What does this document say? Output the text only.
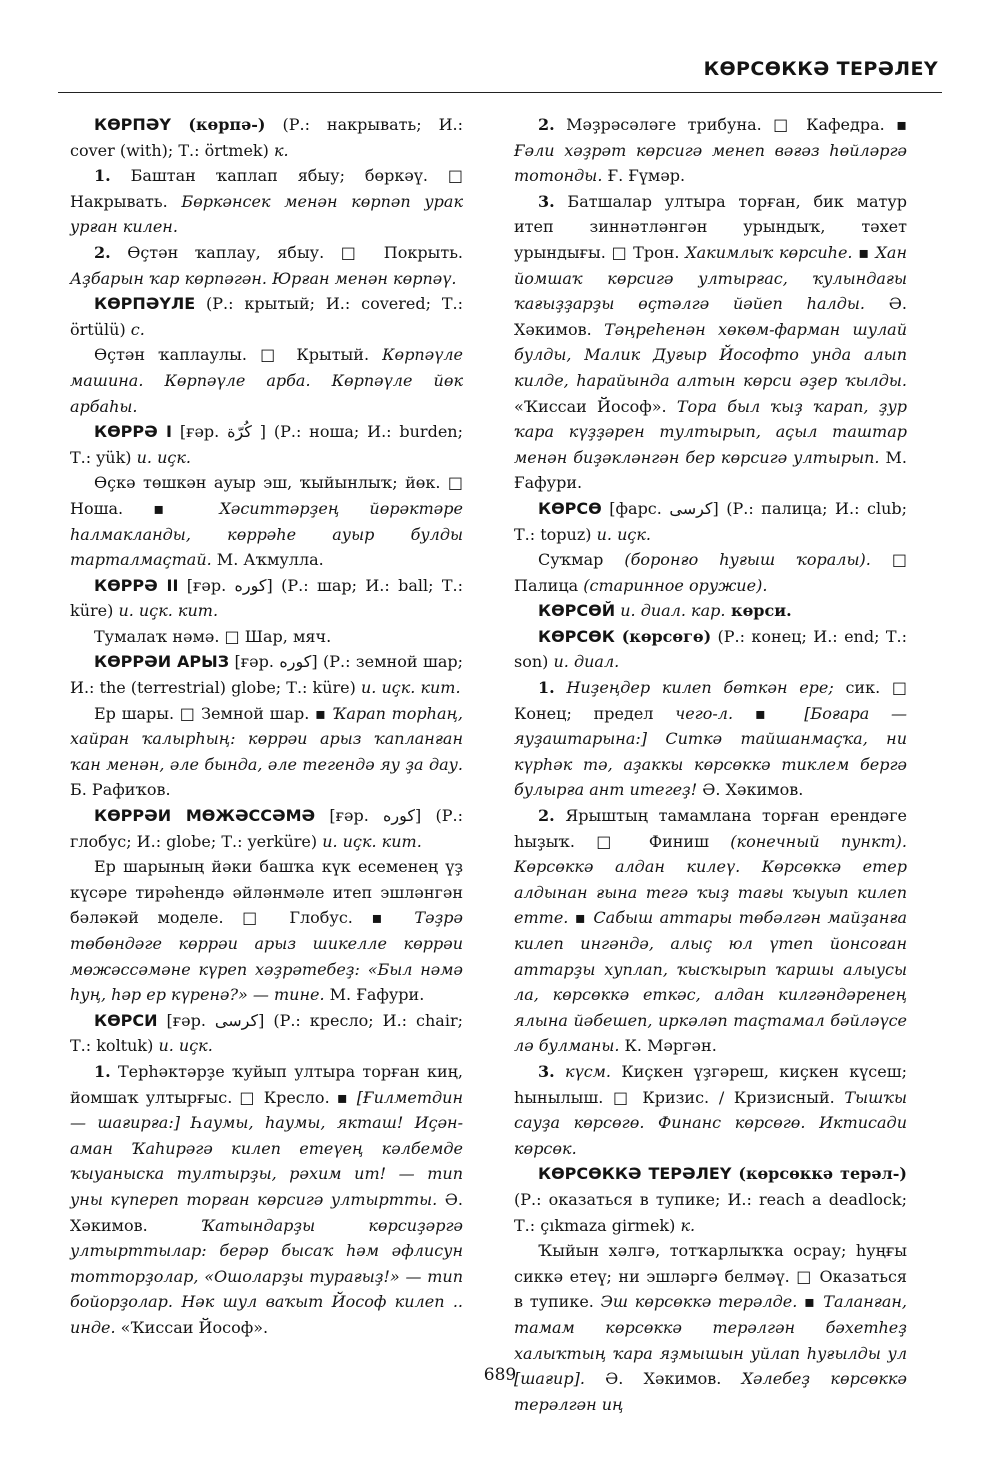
КӨРСӨККӘ ТЕРӘЛЕҮ

КӨРПӘҮ (көрпә-) (Р.: накрывать; И.: cover (with); Т.: örtmek) к.

1. Баштан ҡаплап ябыу; бөркәү. □ Накрывать. Бөркәнсек менән көрпәп урак урған килен.

2. Өҫтән ҡаплау, ябыу. □ Покрыть. Аҙбарын ҡар көрпәгән. Юрған менән көрпәү.

КӨРПӘҮЛЕ (Р.: крытый; И.: covered; Т.: örtülü) с.

Өҫтән ҡаплаулы. □ Крытый. Көрпәүле машина. Көрпәүле арба. Көрпәүле йөк арбаһы.

КӨРРӘ I [ғәр. كُرّة ] (Р.: ноша; И.: burden; Т.: yük) и. иҫк.

Өҫкә төшкән ауыр эш, ҡыйынлыҡ; йөк. □ Ноша. ▪ Хәситтәрҙең йөрәктәре һалмакланды, көррәһе ауыр булды тарталмаҫтай. М. Аҡмулла.

КӨРРӘ II [ғәр. كوره] (Р.: шар; И.: ball; Т.: küre) и. иҫк. кит.

Тумалаҡ нәмә. □ Шар, мяч.

КӨРРӘИ АРЫЗ [ғәр. كوره] (Р.: земной шар; И.: the (terrestrial) globe; Т.: küre) и. иҫк. кит.

Ер шары. □ Земной шар. ▪ Ҡарап торһаң, хайран ҡалырһың: көррәи арыз ҡапланған ҡан менән, әле бында, әле тегендә яу ҙа дау. Б. Рафиҡов.

КӨРРӘИ МӨЖӘССӘМӘ [ғәр. كوره] (Р.: глобус; И.: globe; Т.: yerküre) и. иҫк. кит.

Ер шарының йәки башҡа күк есеменең үҙ күсәре тирәһендә әйләнмәле итеп эшләнгән бәләкәй моделе. □ Глобус. ▪ Тәҙрә төбөндәге көррәи арыз шикелле көррәи мөжәссәмәне күреп хәҙрәтебеҙ: «Был нәмә һуң, һәр ер күренә?» — тине. М. Ғафури.

КӨРСИ [ғәр. كرسى] (Р.: кресло; И.: chair; Т.: koltuk) и. иҫк.

1. Терһәктәрҙе ҡуйып ултыра торған киң, йомшаҡ ултырғыс. □ Кресло. ▪ [Ғилметдин — шағирға:] Һаумы, һаумы, якташ! Иҫән-аман Ҡаһирәгә килеп етеүең кәлбемде ҡыуаныска тултырҙы, рәхим ит! — тип уны күпереп торған көрсигә ултыртты. Ә. Хәкимов. Ҡатындарҙы көрсиҙәргә ултырттылар: берәр бысаҡ һәм әфлисун тотторҙолар, «Ошоларҙы турағыҙ!» — тип бойорҙолар. Нәк шул ваҡыт Йософ килеп .. инде. «Ҡиссаи Йософ».

2. Мәҙрәсәләге трибуна. □ Кафедра. ▪ Ғәли хәҙрәт көрсигә менеп вәғәз һөйләргә тотонды. Ғ. Ғүмәр.

3. Батшалар ултыра торған, бик матур итеп зиннәтләнгән урындыҡ, тәхет урындығы. □ Трон. Хакимлыҡ көрсиһе. ▪ Хан йомшаҡ көрсигә ултырғас, ҡулындағы ҡағыҙҙарҙы өҫтәлгә йәйеп һалды. Ә. Хәкимов. Тәңреһенән хөкөм-фарман шулай булды, Малик Дуғыр Йософто унда алып килде, һарайында алтын көрси әҙер ҡылды. «Ҡиссаи Йософ». Тора был ҡыҙ ҡарап, ҙур ҡара күҙҙәрен тултырып, аҫыл таштар менән биҙәкләнгән бер көрсигә ултырып. М. Ғафури.

КӨРСӨ [фарс. كرسى] (Р.: палица; И.: club; Т.: topuz) и. иҫк.

Суҡмар (боронғо һуғыш ҡоралы). □ Палица (старинное оружие).

КӨРСӨЙ и. диал. кар. көрси.

КӨРСӨК (көрсөгө) (Р.: конец; И.: end; Т.: son) и. диал.

1. Ниҙеңдер килеп бөткән ере; сик. □ Конец; предел чего-л. ▪ [Боғара — яуҙаштарына:] Ситкә тайшанмаҫҡа, ни күрһәк тә, аҙаккы көрсөккә тиклем бергә булырға ант итегеҙ! Ә. Хәкимов.

2. Ярыштың тамамлана торған ерендәге һыҙыҡ. □ Финиш (конечный пункт). Көрсөккә алдан килеү. Көрсөккә етер алдынан ғына тегә ҡыҙ тағы ҡыуып килеп етте. ▪ Сабыш аттары төбәлгән майҙанға килеп ингәндә, алыҫ юл үтеп йонсоған аттарҙы хуплап, ҡысҡырып ҡаршы алыусы ла, көрсөккә еткәс, алдан килгәндәренең ялына йәбешеп, иркәләп таҫтамал бәйләүсе лә булманы. К. Мәргән.

3. күсм. Киҫкен үҙгәреш, киҫкен күсеш; һынылыш. □ Кризис. / Кризисный. Тышҡы сауҙа көрсөгө. Финанс көрсөгө. Иктисади көрсөк.

КӨРСӨККӘ ТЕРӘЛЕҮ (көрсөккә терәл-) (Р.: оказаться в тупике; И.: reach a deadlock; Т.: çıkmaza girmek) к.

Ҡыйын хәлгә, тотҡарлыҡҡа осрау; һуңғы сиккә етеү; ни эшләргә белмәү. □ Оказаться в тупике. Эш көрсөккә терәлде. ▪ Таланған, тамам көрсөккә терәлгән бәхетһеҙ халыҡтың ҡара яҙмышын уйлап һуғылды ул [шағир]. Ә. Хәкимов. Хәлебеҙ көрсөккә терәлгән иң

689
